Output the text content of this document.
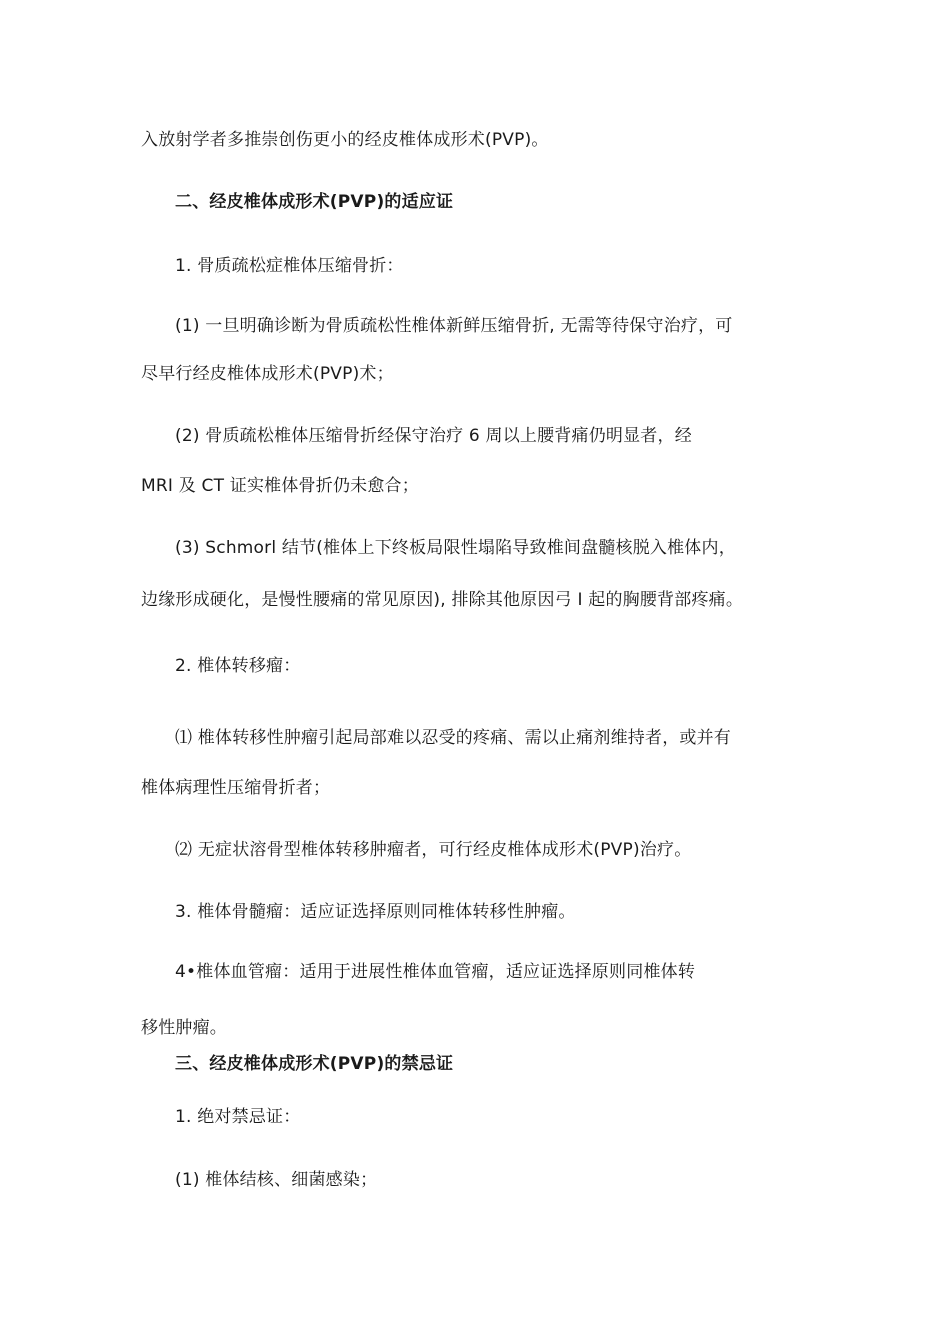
入放射学者多推崇创伤更小的经皮椎体成形术(PVP)。
二、经皮椎体成形术(PVP)的适应证
1. 骨质疏松症椎体压缩骨折：
(1) 一旦明确诊断为骨质疏松性椎体新鲜压缩骨折, 无需等待保守治疗，可
尽早行经皮椎体成形术(PVP)术；
(2) 骨质疏松椎体压缩骨折经保守治疗 6 周以上腰背痛仍明显者，经
MRI 及 CT 证实椎体骨折仍未愈合；
(3) Schmorl 结节(椎体上下终板局限性塌陷导致椎间盘髓核脱入椎体内，
边缘形成硬化，是慢性腰痛的常见原因), 排除其他原因弓 I 起的胸腰背部疼痛。
2. 椎体转移瘤：
⑴ 椎体转移性肿瘤引起局部难以忍受的疼痛、需以止痛剂维持者，或并有
椎体病理性压缩骨折者；
⑵ 无症状溶骨型椎体转移肿瘤者，可行经皮椎体成形术(PVP)治疗。
3. 椎体骨髓瘤：适应证选择原则同椎体转移性肿瘤。
4•椎体血管瘤：适用于进展性椎体血管瘤，适应证选择原则同椎体转
移性肿瘤。
三、经皮椎体成形术(PVP)的禁忌证
1. 绝对禁忌证：
(1) 椎体结核、细菌感染；
